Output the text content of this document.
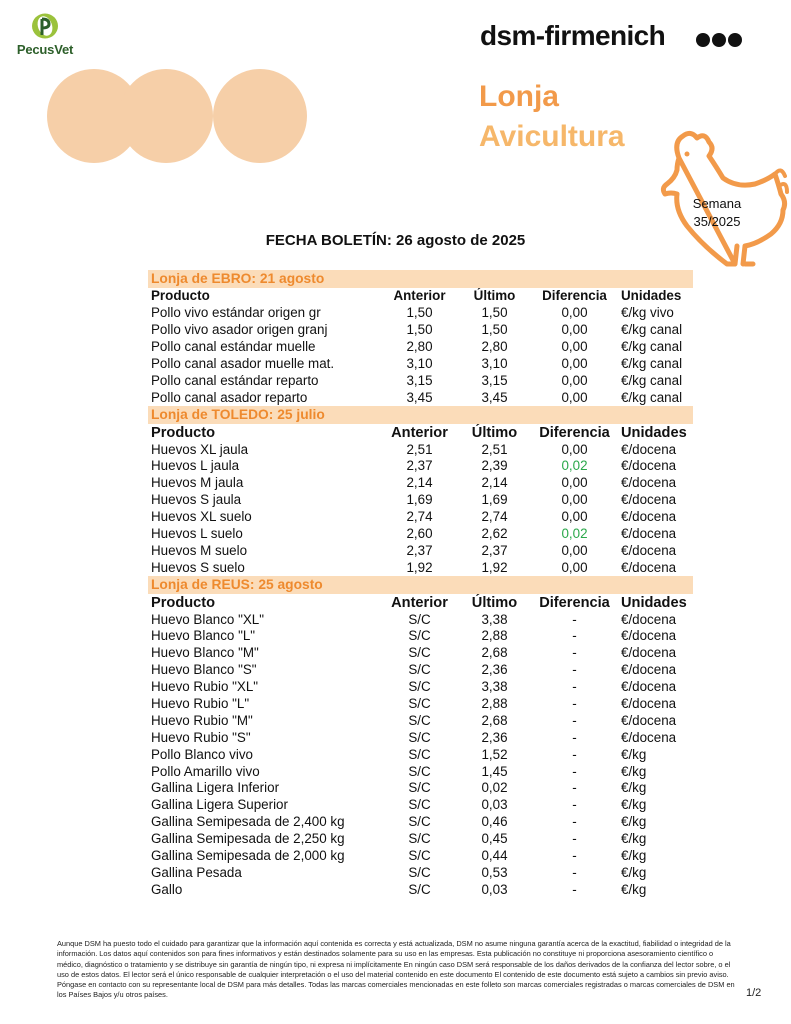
PecusVet	dsm-firmenich
Lonja
Avicultura
Semana
35/2025
FECHA BOLETÍN: 26 agosto de 2025
Lonja de EBRO: 21 agosto				
Producto	Anterior	Último	Diferencia	Unidades
Pollo vivo estándar origen gr	1,50	1,50	0,00	€/kg vivo
Pollo vivo asador origen granj	1,50	1,50	0,00	€/kg canal
Pollo canal estándar muelle	2,80	2,80	0,00	€/kg canal
Pollo canal asador muelle mat.	3,10	3,10	0,00	€/kg canal
Pollo canal estándar reparto	3,15	3,15	0,00	€/kg canal
Pollo canal asador reparto	3,45	3,45	0,00	€/kg canal
Lonja de TOLEDO: 25 julio				
Producto	Anterior	Último	Diferencia	Unidades
Huevos XL jaula	2,51	2,51	0,00	€/docena
Huevos L jaula	2,37	2,39	0,02	€/docena
Huevos M jaula	2,14	2,14	0,00	€/docena
Huevos S jaula	1,69	1,69	0,00	€/docena
Huevos XL suelo	2,74	2,74	0,00	€/docena
Huevos L suelo	2,60	2,62	0,02	€/docena
Huevos M suelo	2,37	2,37	0,00	€/docena
Huevos S suelo	1,92	1,92	0,00	€/docena
Lonja de REUS: 25 agosto				
Producto	Anterior	Último	Diferencia	Unidades
Huevo Blanco "XL"	S/C	3,38	-	€/docena
Huevo Blanco "L"	S/C	2,88	-	€/docena
Huevo Blanco "M"	S/C	2,68	-	€/docena
Huevo Blanco "S"	S/C	2,36	-	€/docena
Huevo Rubio "XL"	S/C	3,38	-	€/docena
Huevo Rubio "L"	S/C	2,88	-	€/docena
Huevo Rubio "M"	S/C	2,68	-	€/docena
Huevo Rubio "S"	S/C	2,36	-	€/docena
Pollo Blanco vivo	S/C	1,52	-	€/kg
Pollo Amarillo vivo	S/C	1,45	-	€/kg
Gallina Ligera Inferior	S/C	0,02	-	€/kg
Gallina Ligera Superior	S/C	0,03	-	€/kg
Gallina Semipesada de 2,400 kg	S/C	0,46	-	€/kg
Gallina Semipesada de 2,250 kg	S/C	0,45	-	€/kg
Gallina Semipesada de 2,000 kg	S/C	0,44	-	€/kg
Gallina Pesada	S/C	0,53	-	€/kg
Gallo	S/C	0,03	-	€/kg
Aunque DSM ha puesto todo el cuidado para garantizar que la información aquí contenida es correcta y está actualizada, DSM no asume ninguna garantía acerca de la exactitud, fiabilidad o integridad de la información. Los datos aquí contenidos son para fines informativos y están destinados solamente para su uso en las empresas. Esta publicación no constituye ni proporciona asesoramiento científico o médico, diagnóstico o tratamiento y se distribuye sin garantía de ningún tipo, ni expresa ni implícitamente En ningún caso DSM será responsable de los daños derivados de la confianza del lector sobre, o el uso de estos datos. El lector será el único responsable de cualquier interpretación o el uso del material contenido en este documento El contenido de este documento está sujeto a cambios sin previo aviso. Póngase en contacto con su representante local de DSM para más detalles. Todas las marcas comerciales mencionadas en este folleto son marcas comerciales registradas o marcas comerciales de DSM en los Países Bajos y/u otros países.	1/2
